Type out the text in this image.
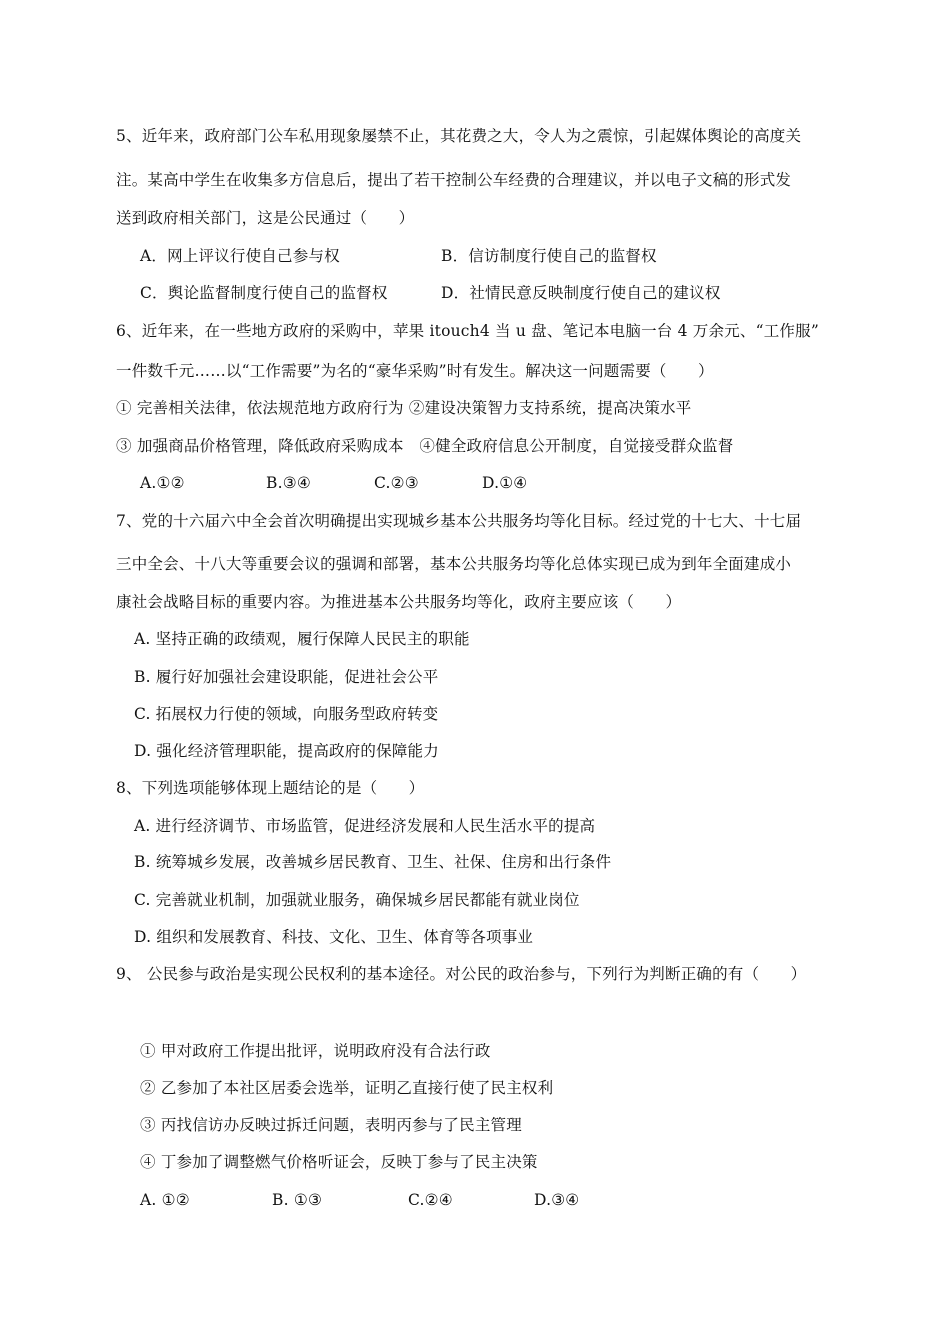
5、近年来，政府部门公车私用现象屡禁不止，其花费之大，令人为之震惊，引起媒体舆论的高度关
注。某高中学生在收集多方信息后，提出了若干控制公车经费的合理建议，并以电子文稿的形式发
送到政府相关部门，这是公民通过（　　）
A．网上评议行使自己参与权	B．信访制度行使自己的监督权
C．舆论监督制度行使自己的监督权	D．社情民意反映制度行使自己的建议权
6、近年来，在一些地方政府的采购中，苹果 itouch4 当 u 盘、笔记本电脑一台 4 万余元、“工作服”
一件数千元……以“工作需要”为名的“豪华采购”时有发生。解决这一问题需要（　　）
① 完善相关法律，依法规范地方政府行为 ②建设决策智力支持系统，提高决策水平
③ 加强商品价格管理，降低政府采购成本　④健全政府信息公开制度，自觉接受群众监督
A.①②	B.③④	C.②③	D.①④
7、党的十六届六中全会首次明确提出实现城乡基本公共服务均等化目标。经过党的十七大、十七届
三中全会、十八大等重要会议的强调和部署，基本公共服务均等化总体实现已成为到年全面建成小
康社会战略目标的重要内容。为推进基本公共服务均等化，政府主要应该（　　）
A. 坚持正确的政绩观，履行保障人民民主的职能
B. 履行好加强社会建设职能，促进社会公平
C. 拓展权力行使的领域，向服务型政府转变
D. 强化经济管理职能，提高政府的保障能力
8、下列选项能够体现上题结论的是（　　）
A. 进行经济调节、市场监管，促进经济发展和人民生活水平的提高
B. 统筹城乡发展，改善城乡居民教育、卫生、社保、住房和出行条件
C. 完善就业机制，加强就业服务，确保城乡居民都能有就业岗位
D. 组织和发展教育、科技、文化、卫生、体育等各项事业
9、 公民参与政治是实现公民权利的基本途径。对公民的政治参与，下列行为判断正确的有（　　）
① 甲对政府工作提出批评，说明政府没有合法行政
② 乙参加了本社区居委会选举，证明乙直接行使了民主权利
③ 丙找信访办反映过拆迁问题，表明丙参与了民主管理
④ 丁参加了调整燃气价格听证会，反映丁参与了民主决策
A. ①②	B. ①③	C.②④	D.③④
